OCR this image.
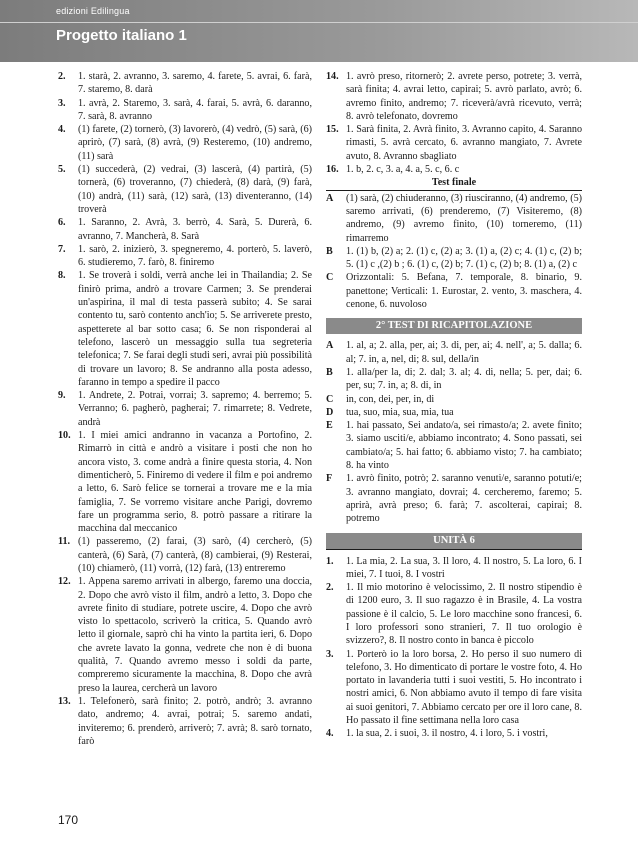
edizioni Edilingua
Progetto italiano 1
2.	1. starà, 2. avranno, 3. saremo, 4. farete, 5. avrai, 6. farà, 7. staremo, 8. darà
3.	1. avrà, 2. Staremo, 3. sarà, 4. farai, 5. avrà, 6. daranno, 7. sarà, 8. avranno
4.	(1) farete, (2) tornerò, (3) lavorerò, (4) vedrò, (5) sarà, (6) aprirò, (7) sarà, (8) avrà, (9) Resteremo, (10) andremo, (11) sarà
5.	(1) succederà, (2) vedrai, (3) lascerà, (4) partirà, (5) tornerà, (6) troveranno, (7) chiederà, (8) darà, (9) farà, (10) andrà, (11) sarà, (12) sarà, (13) diventeranno, (14) troverà
6.	1. Saranno, 2. Avrà, 3. berrò, 4. Sarà, 5. Durerà, 6. avranno, 7. Mancherà, 8. Sarà
7.	1. sarò, 2. inizierò, 3. spegneremo, 4. porterò, 5. laverò, 6. studieremo, 7. farò, 8. finiremo
8.	1. Se troverà i soldi, verrà anche lei in Thailandia; 2. Se finirò prima, andrò a trovare Carmen; 3. Se prenderai un'aspirina, il mal di testa passerà subito; 4. Se sarai contento tu, sarò contento anch'io; 5. Se arriverete presto, aspetterete al bar sotto casa; 6. Se non risponderai al telefono, lascerò un messaggio sulla tua segreteria telefonica; 7. Se farai degli studi seri, avrai più possibilità di trovare un lavoro; 8. Se andranno alla posta adesso, faranno in tempo a spedire il pacco
9.	1. Andrete, 2. Potrai, vorrai; 3. sapremo; 4. berremo; 5. Verranno; 6. pagherò, pagherai; 7. rimarrete; 8. Vedrete, andrà
10. 1. I miei amici andranno in vacanza a Portofino, 2. Rimarrò in città e andrò a visitare i posti che non ho ancora visto, 3. come andrà a finire questa storia, 4. Non dimenticherò, 5. Finiremo di vedere il film e poi andremo a letto, 6. Sarò felice se tornerai a trovare me e la mia famiglia, 7. Se vorremo visitare anche Parigi, dovremo fare un programma serio, 8. potrò passare a ritirare la macchina dal meccanico
11. (1) passeremo, (2) farai, (3) sarò, (4) cercherò, (5) canterà, (6) Sarà, (7) canterà, (8) cambierai, (9) Resterai, (10) chiamerò, (11) vorrà, (12) farà, (13) entreremo
12. 1. Appena saremo arrivati in albergo, faremo una doccia, 2. Dopo che avrò visto il film, andrò a letto, 3. Dopo che avrete finito di studiare, potrete uscire, 4. Dopo che avrò visto lo spettacolo, scriverò la critica, 5. Quando avrò letto il giornale, saprò chi ha vinto la partita ieri, 6. Dopo che avrete lavato la gonna, vedrete che non è di buona qualità, 7. Quando avremo messo i soldi da parte, compreremo sicuramente la macchina, 8. Dopo che avrà preso la laurea, cercherà un lavoro
13. 1. Telefonerò, sarà finito; 2. potrò, andrò; 3. avranno dato, andremo; 4. avrai, potrai; 5. saremo andati, inviteremo; 6. prenderò, arriverò; 7. avrà; 8. sarò tornato, farò
14. 1. avrò preso, ritornerò; 2. avrete perso, potrete; 3. verrà, sarà finita; 4. avrai letto, capirai; 5. avrò parlato, avrò; 6. avremo finito, andremo; 7. riceverà/avrà ricevuto, verrà; 8. avrò telefonato, dovremo
15. 1. Sarà finita, 2. Avrà finito, 3. Avranno capito, 4. Saranno rimasti, 5. avrà cercato, 6. avranno mangiato, 7. Avrete avuto, 8. Avranno sbagliato
16. 1. b, 2. c, 3. a, 4. a, 5. c, 6. c
Test finale
A	(1) sarà, (2) chiuderanno, (3) riusciranno, (4) andremo, (5) saremo arrivati, (6) prenderemo, (7) Visiteremo, (8) andremo, (9) avremo finito, (10) torneremo, (11) rimarremo
B	1. (1) b, (2) a; 2. (1) c, (2) a; 3. (1) a, (2) c; 4. (1) c, (2) b; 5. (1) c ,(2) b ; 6. (1) c, (2) b; 7. (1) c, (2) b; 8. (1) a, (2) c
C	Orizzontali: 5. Befana, 7. temporale, 8. binario, 9. panettone; Verticali: 1. Eurostar, 2. vento, 3. maschera, 4. cenone, 6. nuvoloso
2° TEST DI RICAPITOLAZIONE
A	1. al, a; 2. alla, per, ai; 3. di, per, ai; 4. nell', a; 5. dalla; 6. al; 7. in, a, nel, di; 8. sul, della/in
B	1. alla/per la, di; 2. dal; 3. al; 4. di, nella; 5. per, dai; 6. per, su; 7. in, a; 8. di, in
C	in, con, dei, per, in, di
D	tua, suo, mia, sua, mia, tua
E	1. hai passato, Sei andato/a, sei rimasto/a; 2. avete finito; 3. siamo usciti/e, abbiamo incontrato; 4. Sono passati, sei cambiato/a; 5. hai fatto; 6. abbiamo visto; 7. ha cambiato; 8. ha vinto
F	1. avrò finito, potrò; 2. saranno venuti/e, saranno potuti/e; 3. avranno mangiato, dovrai; 4. cercheremo, faremo; 5. aprirà, avrà preso; 6. farà; 7. ascolterai, capirai; 8. potremo
UNITÀ 6
1.	1. La mia, 2. La sua, 3. Il loro, 4. Il nostro, 5. La loro, 6. I miei, 7. I tuoi, 8. I vostri
2.	1. Il mio motorino è velocissimo, 2. Il nostro stipendio è di 1200 euro, 3. Il suo ragazzo è in Brasile, 4. La vostra passione è il calcio, 5. Le loro macchine sono francesi, 6. I loro professori sono stranieri, 7. Il tuo orologio è svizzero?, 8. Il nostro conto in banca è piccolo
3.	1. Porterò io la loro borsa, 2. Ho perso il suo numero di telefono, 3. Ho dimenticato di portare le vostre foto, 4. Ho portato in lavanderia tutti i suoi vestiti, 5. Ho incontrato i nostri amici, 6. Non abbiamo avuto il tempo di fare visita ai suoi genitori, 7. Abbiamo cercato per ore il loro cane, 8. Ho passato il fine settimana nella loro casa
4.	1. la sua, 2. i suoi, 3. il nostro, 4. i loro, 5. i vostri,
170
